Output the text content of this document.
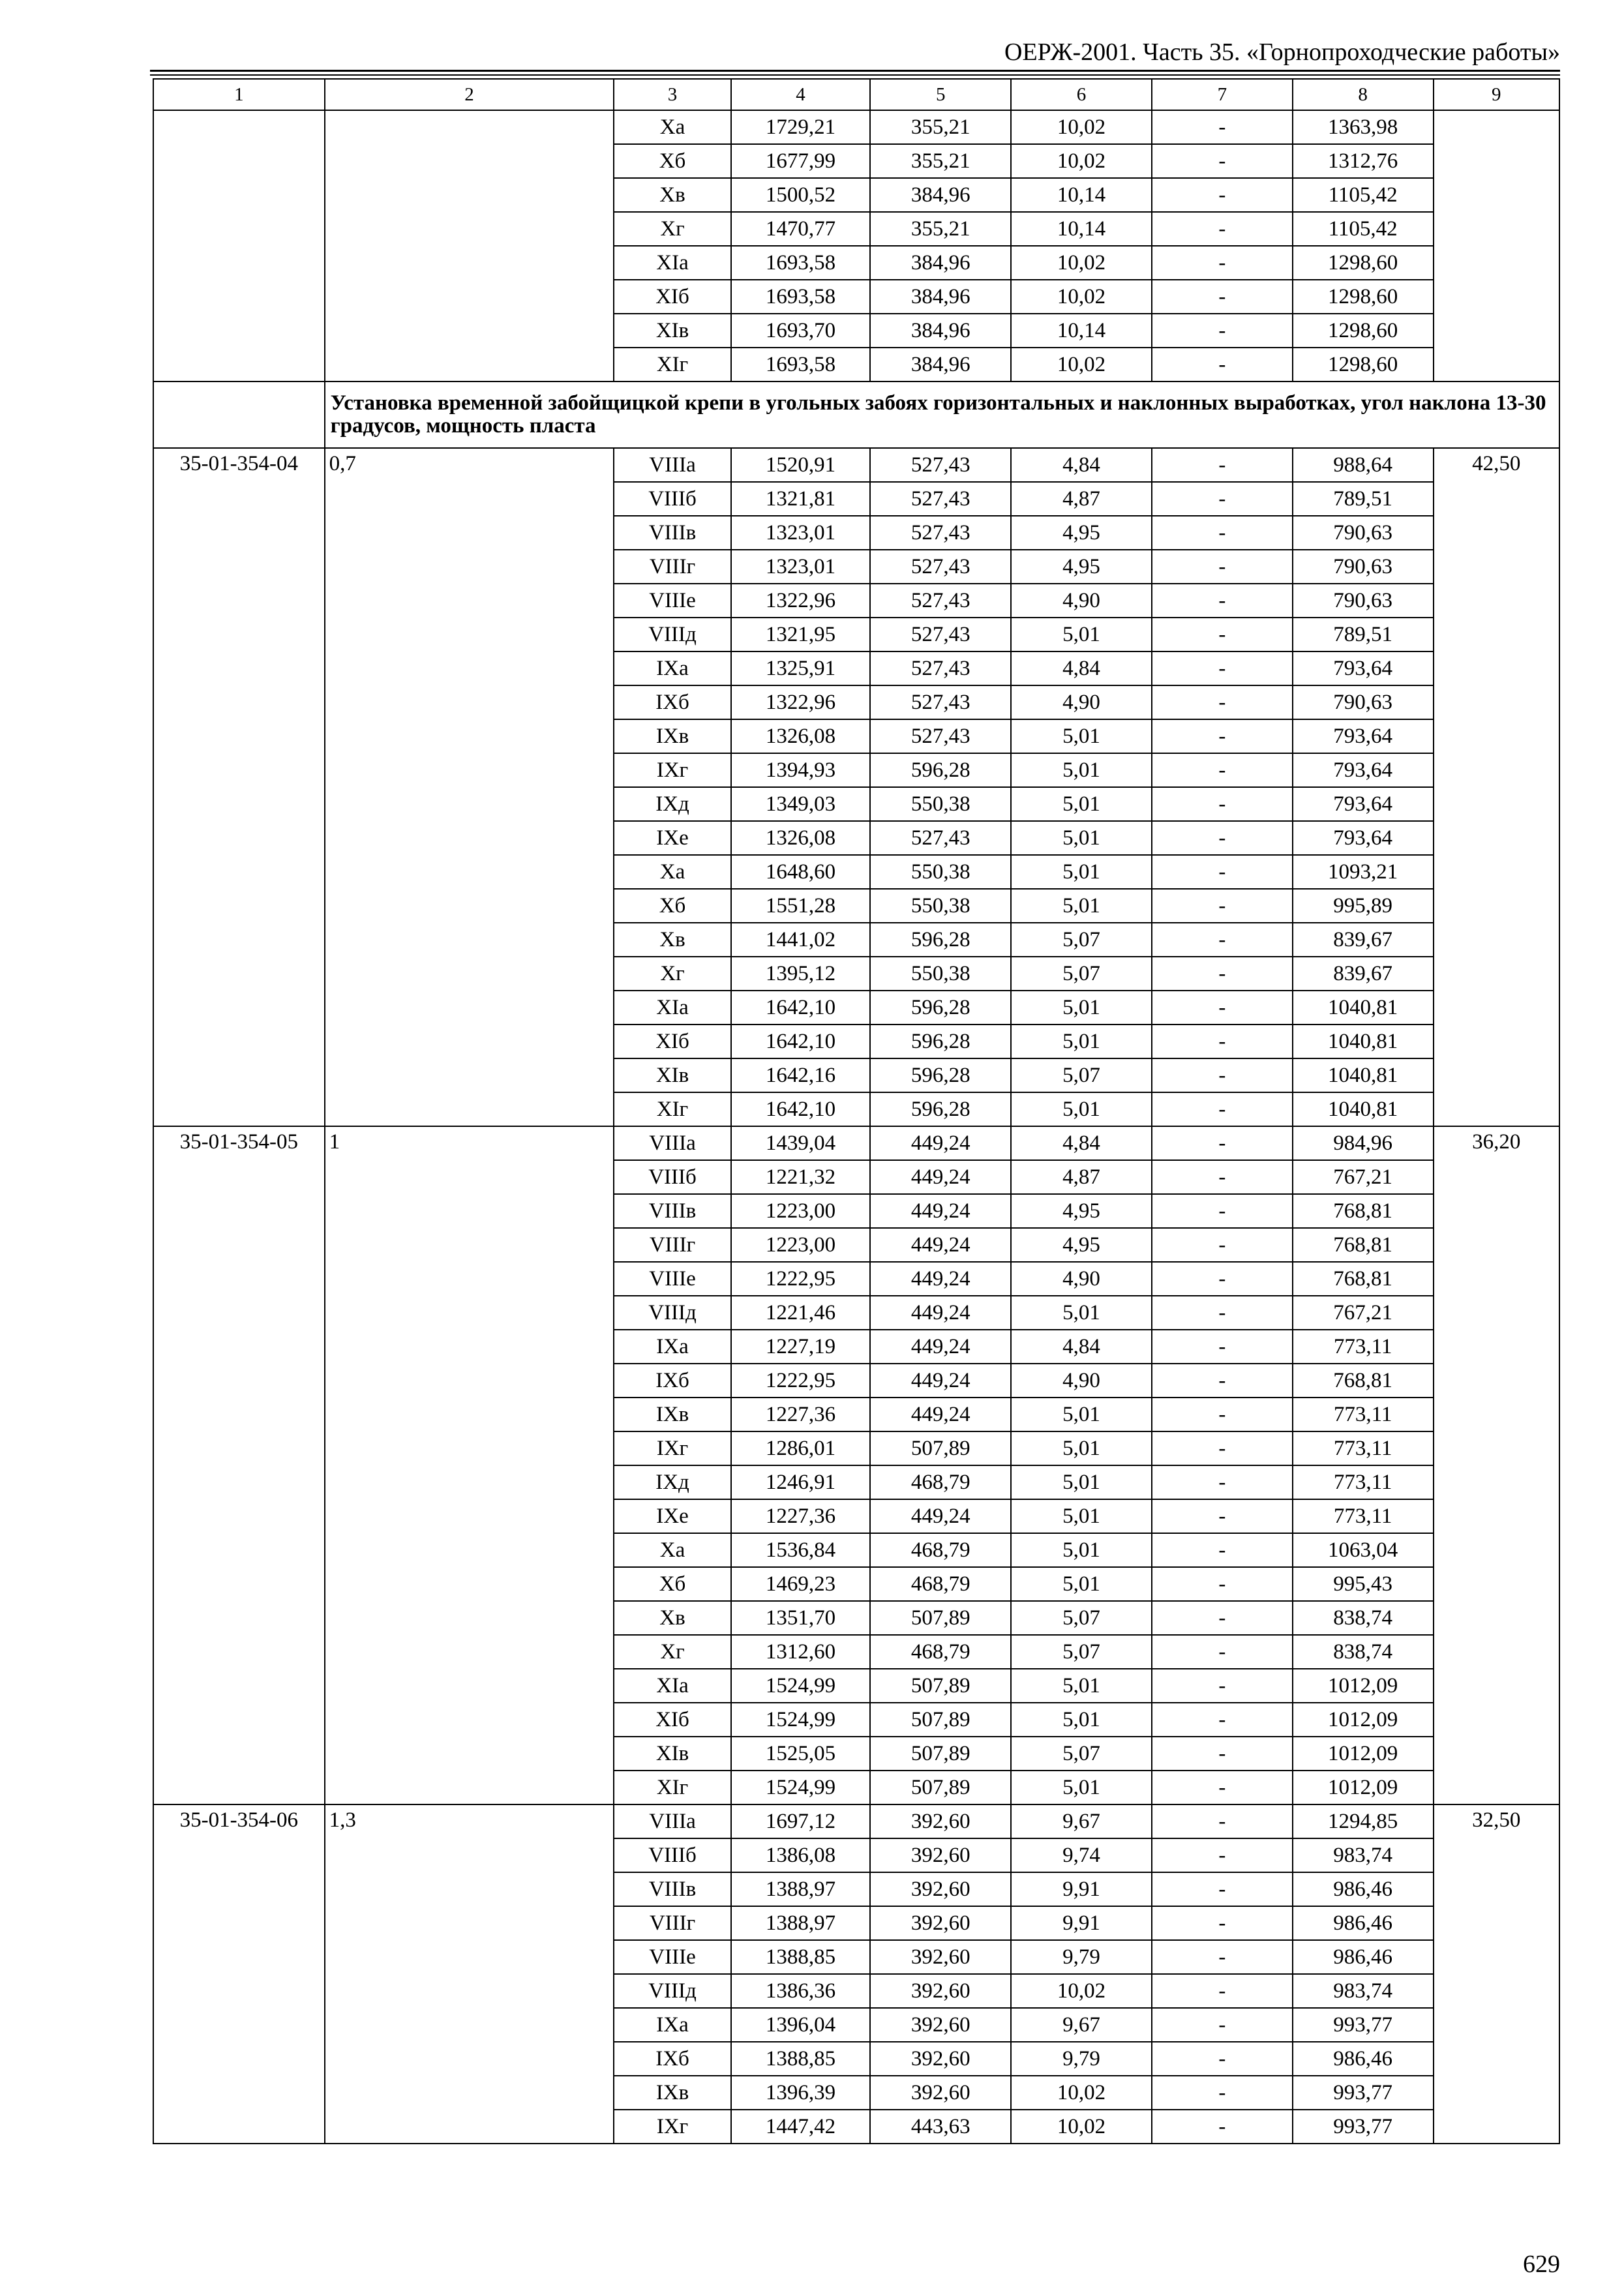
ОЕРЖ-2001. Часть 35. «Горнопроходческие работы»
1	2	3	4	5	6	7	8	9
		Xа	1729,21	355,21	10,02	-	1363,98	
		Xб	1677,99	355,21	10,02	-	1312,76	
		Xв	1500,52	384,96	10,14	-	1105,42	
		Xг	1470,77	355,21	10,14	-	1105,42	
		XIа	1693,58	384,96	10,02	-	1298,60	
		XIб	1693,58	384,96	10,02	-	1298,60	
		XIв	1693,70	384,96	10,14	-	1298,60	
		XIг	1693,58	384,96	10,02	-	1298,60	
	Установка временной забойщицкой крепи в угольных забоях горизонтальных и наклонных выработках, угол наклона 13-30 градусов, мощность пласта							
35-01-354-04	0,7	VIIIа	1520,91	527,43	4,84	-	988,64	42,50
		VIIIб	1321,81	527,43	4,87	-	789,51	
		VIIIв	1323,01	527,43	4,95	-	790,63	
		VIIIг	1323,01	527,43	4,95	-	790,63	
		VIIIе	1322,96	527,43	4,90	-	790,63	
		VIIIд	1321,95	527,43	5,01	-	789,51	
		IXа	1325,91	527,43	4,84	-	793,64	
		IXб	1322,96	527,43	4,90	-	790,63	
		IXв	1326,08	527,43	5,01	-	793,64	
		IXг	1394,93	596,28	5,01	-	793,64	
		IXд	1349,03	550,38	5,01	-	793,64	
		IXе	1326,08	527,43	5,01	-	793,64	
		Xа	1648,60	550,38	5,01	-	1093,21	
		Xб	1551,28	550,38	5,01	-	995,89	
		Xв	1441,02	596,28	5,07	-	839,67	
		Xг	1395,12	550,38	5,07	-	839,67	
		XIа	1642,10	596,28	5,01	-	1040,81	
		XIб	1642,10	596,28	5,01	-	1040,81	
		XIв	1642,16	596,28	5,07	-	1040,81	
		XIг	1642,10	596,28	5,01	-	1040,81	
35-01-354-05	1	VIIIа	1439,04	449,24	4,84	-	984,96	36,20
		VIIIб	1221,32	449,24	4,87	-	767,21	
		VIIIв	1223,00	449,24	4,95	-	768,81	
		VIIIг	1223,00	449,24	4,95	-	768,81	
		VIIIе	1222,95	449,24	4,90	-	768,81	
		VIIIд	1221,46	449,24	5,01	-	767,21	
		IXа	1227,19	449,24	4,84	-	773,11	
		IXб	1222,95	449,24	4,90	-	768,81	
		IXв	1227,36	449,24	5,01	-	773,11	
		IXг	1286,01	507,89	5,01	-	773,11	
		IXд	1246,91	468,79	5,01	-	773,11	
		IXе	1227,36	449,24	5,01	-	773,11	
		Xа	1536,84	468,79	5,01	-	1063,04	
		Xб	1469,23	468,79	5,01	-	995,43	
		Xв	1351,70	507,89	5,07	-	838,74	
		Xг	1312,60	468,79	5,07	-	838,74	
		XIа	1524,99	507,89	5,01	-	1012,09	
		XIб	1524,99	507,89	5,01	-	1012,09	
		XIв	1525,05	507,89	5,07	-	1012,09	
		XIг	1524,99	507,89	5,01	-	1012,09	
35-01-354-06	1,3	VIIIа	1697,12	392,60	9,67	-	1294,85	32,50
		VIIIб	1386,08	392,60	9,74	-	983,74	
		VIIIв	1388,97	392,60	9,91	-	986,46	
		VIIIг	1388,97	392,60	9,91	-	986,46	
		VIIIе	1388,85	392,60	9,79	-	986,46	
		VIIIд	1386,36	392,60	10,02	-	983,74	
		IXа	1396,04	392,60	9,67	-	993,77	
		IXб	1388,85	392,60	9,79	-	986,46	
		IXв	1396,39	392,60	10,02	-	993,77	
		IXг	1447,42	443,63	10,02	-	993,77	
629
